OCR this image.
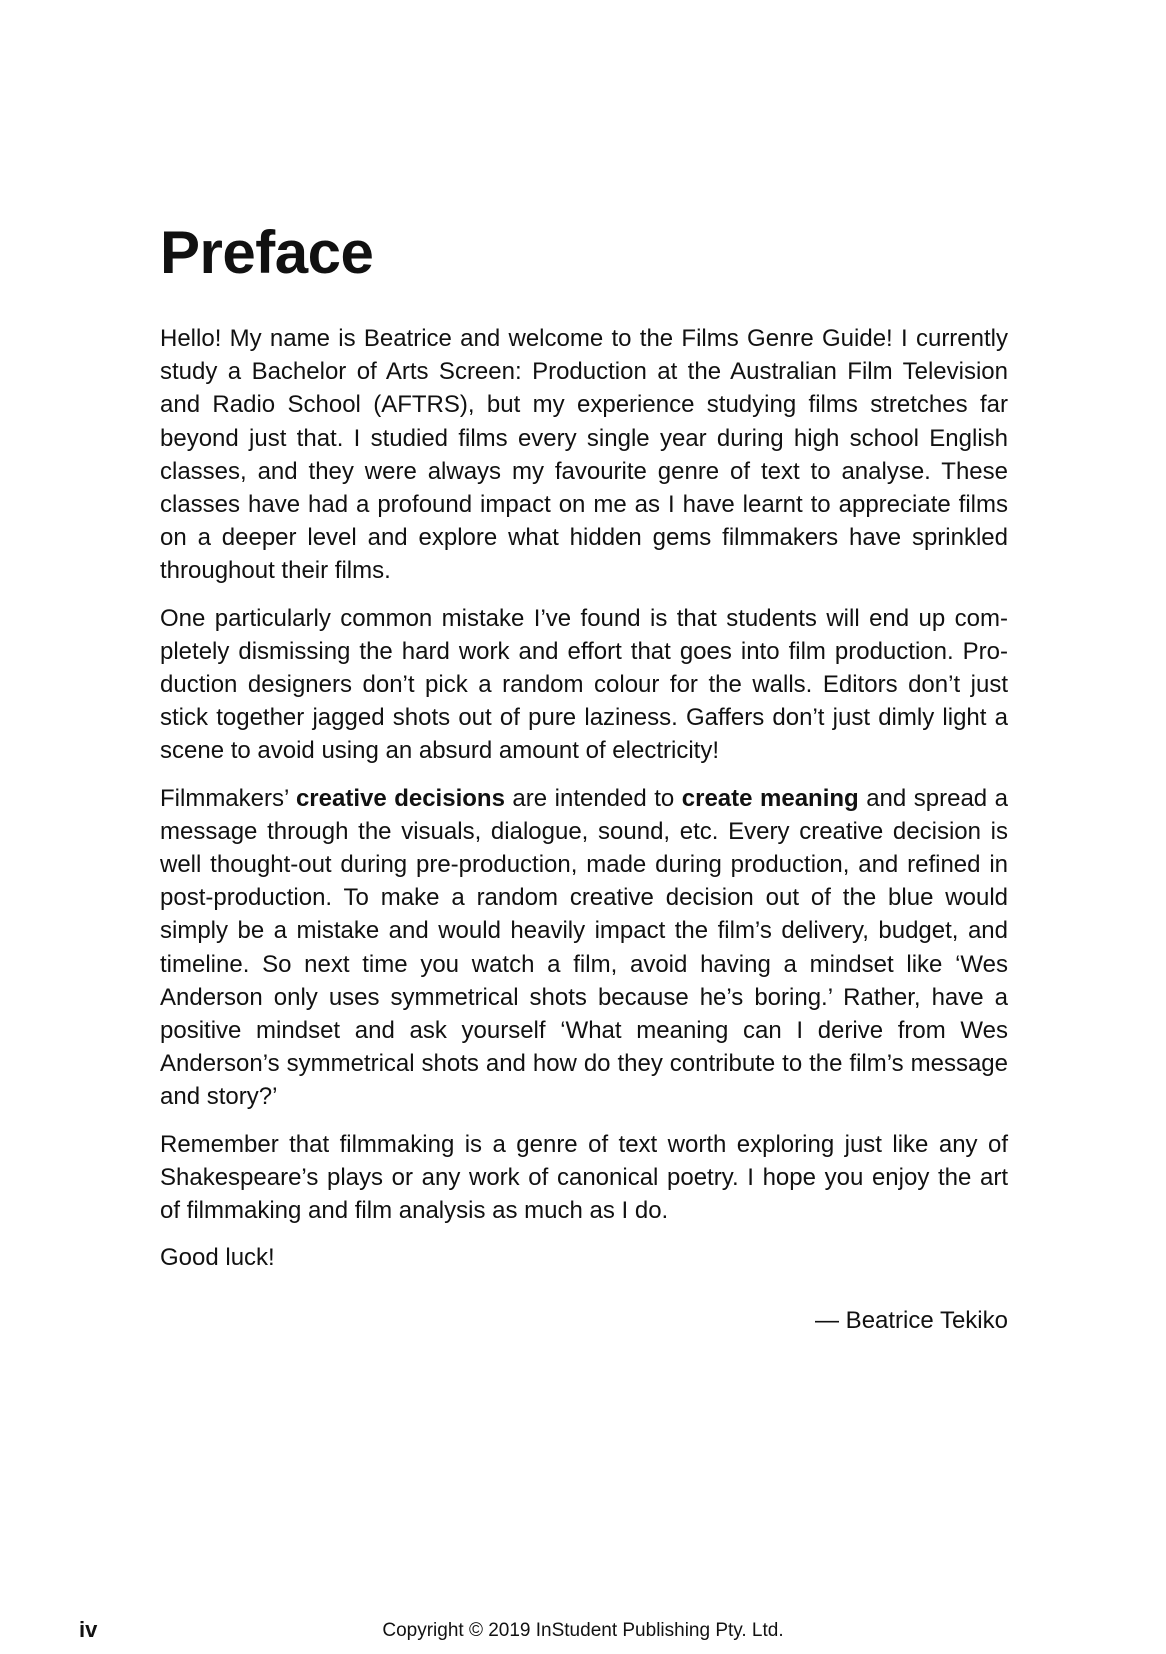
Preface

Hello! My name is Beatrice and welcome to the Films Genre Guide! I currently study a Bachelor of Arts Screen: Production at the Australian Film Television and Radio School (AFTRS), but my experience studying films stretches far beyond just that. I studied films every single year during high school English classes, and they were always my favourite genre of text to analyse. These classes have had a profound impact on me as I have learnt to appreciate films on a deeper level and explore what hidden gems filmmakers have sprinkled throughout their films.

One particularly common mistake I’ve found is that students will end up completely dismissing the hard work and effort that goes into film production. Production designers don’t pick a random colour for the walls. Editors don’t just stick together jagged shots out of pure laziness. Gaffers don’t just dimly light a scene to avoid using an absurd amount of electricity!

Filmmakers’ creative decisions are intended to create meaning and spread a message through the visuals, dialogue, sound, etc. Every creative decision is well thought-out during pre-production, made during production, and refined in post-production. To make a random creative decision out of the blue would simply be a mistake and would heavily impact the film’s delivery, budget, and timeline. So next time you watch a film, avoid having a mindset like ‘Wes Anderson only uses symmetrical shots because he’s boring.’ Rather, have a positive mindset and ask yourself ‘What meaning can I derive from Wes Anderson’s symmetrical shots and how do they contribute to the film’s message and story?’

Remember that filmmaking is a genre of text worth exploring just like any of Shakespeare’s plays or any work of canonical poetry. I hope you enjoy the art of filmmaking and film analysis as much as I do.

Good luck!

— Beatrice Tekiko

iv	Copyright © 2019 InStudent Publishing Pty. Ltd.
